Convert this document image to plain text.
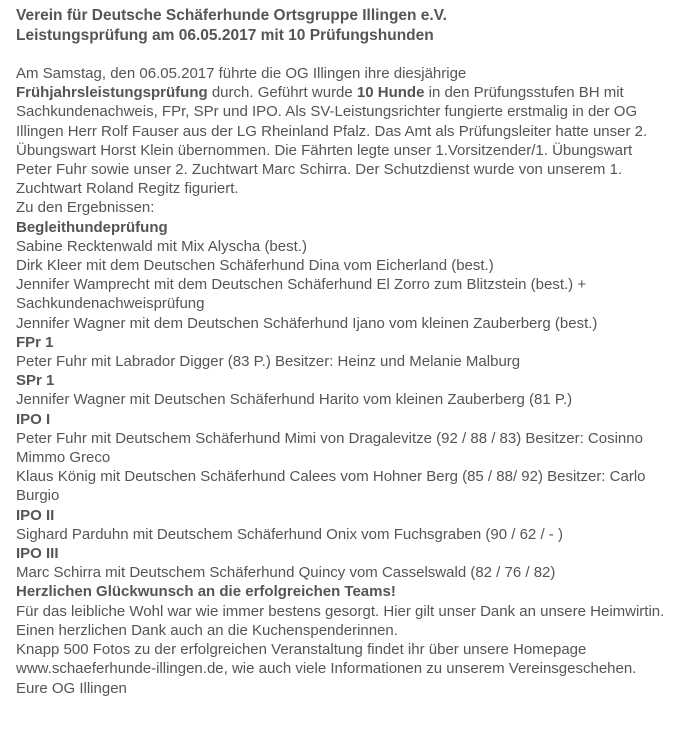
Verein für Deutsche Schäferhunde Ortsgruppe Illingen e.V.
Leistungsprüfung am 06.05.2017 mit 10 Prüfungshunden

Am Samstag, den 06.05.2017 führte die OG Illingen ihre diesjährige
Frühjahrsleistungsprüfung durch. Geführt wurde 10 Hunde in den Prüfungsstufen BH mit Sachkundenachweis, FPr, SPr und IPO. Als SV-Leistungsrichter fungierte erstmalig in der OG Illingen Herr Rolf Fauser aus der LG Rheinland Pfalz. Das Amt als Prüfungsleiter hatte unser 2. Übungswart Horst Klein übernommen. Die Fährten legte unser 1.Vorsitzender/1. Übungswart Peter Fuhr sowie unser 2. Zuchtwart Marc Schirra. Der Schutzdienst wurde von unserem 1. Zuchtwart Roland Regitz figuriert.

Zu den Ergebnissen:

Begleithundeprüfung

Sabine Recktenwald mit Mix Alyscha (best.)

Dirk Kleer mit dem Deutschen Schäferhund Dina vom Eicherland (best.)

Jennifer Wamprecht mit dem Deutschen Schäferhund El Zorro zum Blitzstein (best.) + Sachkundenachweisprüfung

Jennifer Wagner mit dem Deutschen Schäferhund Ijano vom kleinen Zauberberg (best.)

FPr 1

Peter Fuhr mit Labrador Digger (83 P.) Besitzer: Heinz und Melanie Malburg

SPr 1

Jennifer Wagner mit Deutschen Schäferhund Harito vom kleinen Zauberberg (81 P.)

IPO I

Peter Fuhr mit Deutschem Schäferhund Mimi von Dragalevitze (92 / 88 / 83) Besitzer: Cosinno Mimmo Greco

Klaus König mit Deutschen Schäferhund Calees vom Hohner Berg (85 / 88/ 92) Besitzer: Carlo Burgio

IPO II

Sighard Parduhn mit Deutschem Schäferhund Onix vom Fuchsgraben (90 / 62 / - )

IPO III

Marc Schirra mit Deutschem Schäferhund Quincy vom Casselswald (82 / 76 / 82)

Herzlichen Glückwunsch an die erfolgreichen Teams!

Für das leibliche Wohl war wie immer bestens gesorgt. Hier gilt unser Dank an unsere Heimwirtin. Einen herzlichen Dank auch an die Kuchenspenderinnen.

Knapp 500 Fotos zu der erfolgreichen Veranstaltung findet ihr über unsere Homepage www.schaeferhunde-illingen.de, wie auch viele Informationen zu unserem Vereinsgeschehen.

Eure OG Illingen
